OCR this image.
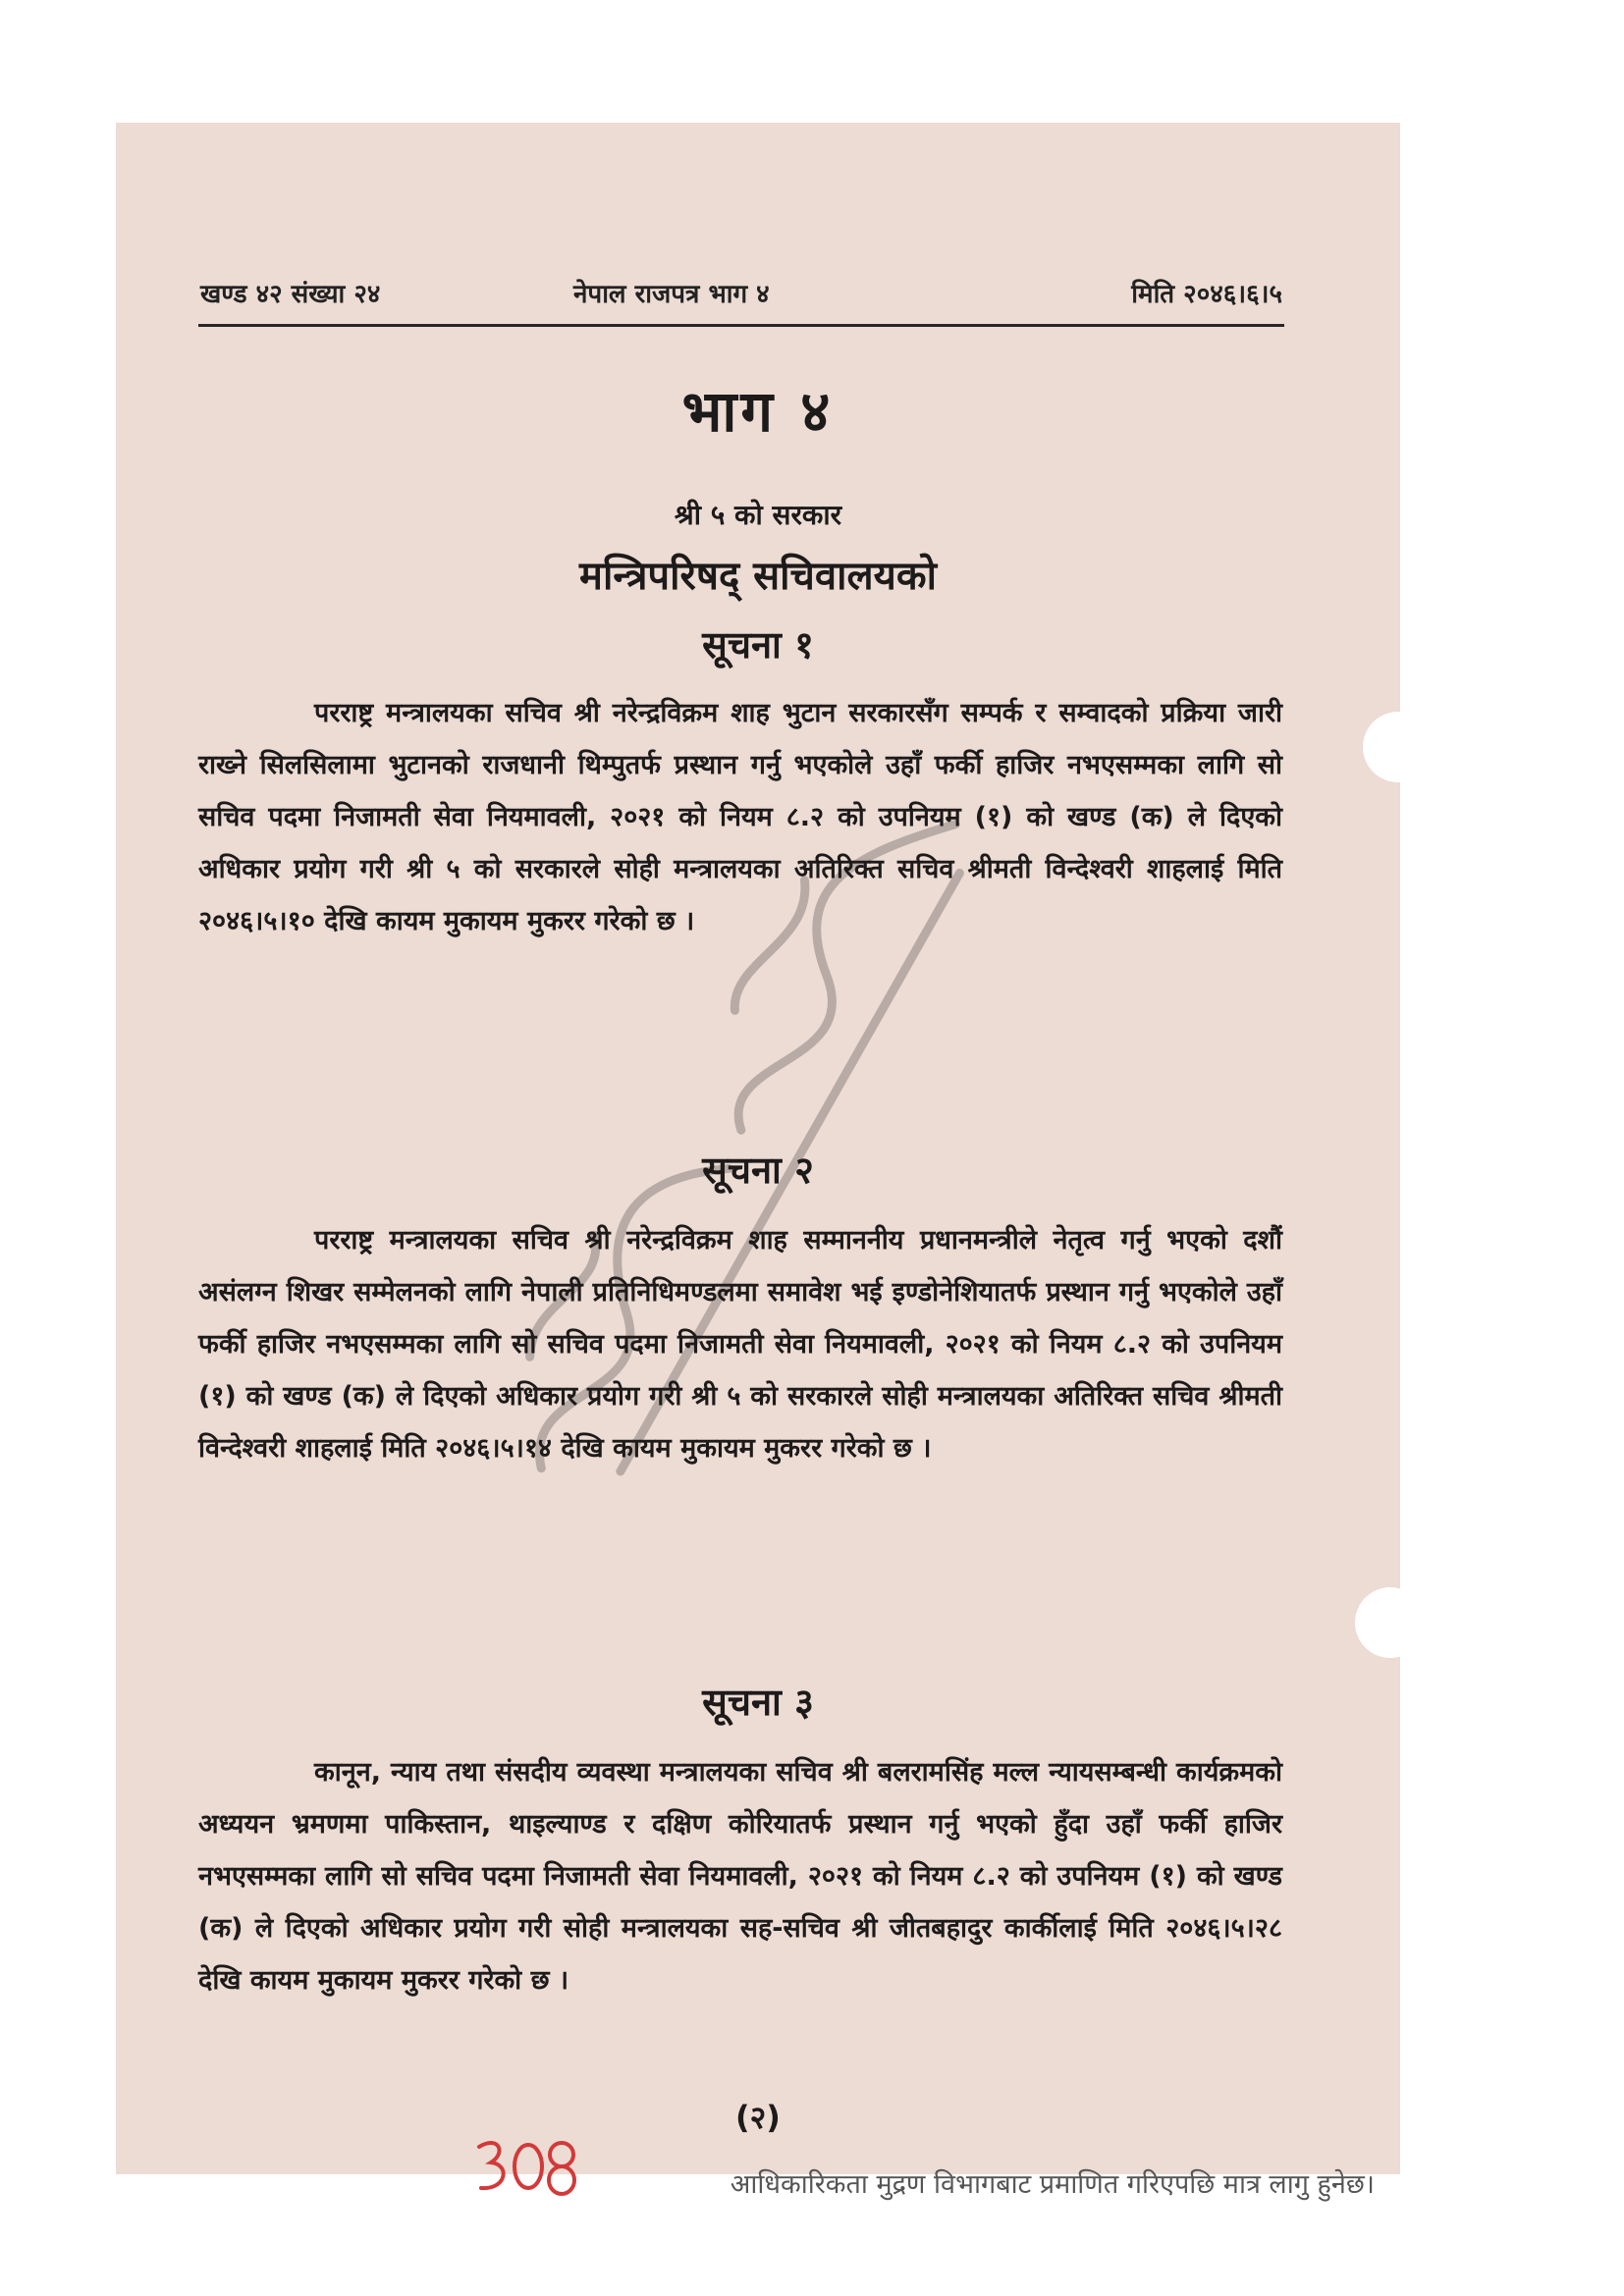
खण्ड ४२ संख्या २४	नेपाल राजपत्र भाग ४	मिति २०४६।६।५
भाग ४
श्री ५ को सरकार
मन्त्रिपरिषद् सचिवालयको
सूचना १

परराष्ट्र मन्त्रालयका सचिव श्री नरेन्द्रविक्रम शाह भुटान सरकारसँग सम्पर्क र सम्वादको प्रक्रिया जारी राख्ने सिलसिलामा भुटानको राजधानी थिम्पुतर्फ प्रस्थान गर्नु भएकोले उहाँ फर्की हाजिर नभएसम्मका लागि सो सचिव पदमा निजामती सेवा नियमावली, २०२१ को नियम ८.२ को उपनियम (१) को खण्ड (क) ले दिएको अधिकार प्रयोग गरी श्री ५ को सरकारले सोही मन्त्रालयका अतिरिक्त सचिव श्रीमती विन्देश्वरी शाहलाई मिति २०४६।५।१० देखि कायम मुकायम मुकरर गरेको छ ।

सूचना २

परराष्ट्र मन्त्रालयका सचिव श्री नरेन्द्रविक्रम शाह सम्माननीय प्रधानमन्त्रीले नेतृत्व गर्नु भएको दशौं असंलग्न शिखर सम्मेलनको लागि नेपाली प्रतिनिधिमण्डलमा समावेश भई इण्डोनेशियातर्फ प्रस्थान गर्नु भएकोले उहाँ फर्की हाजिर नभएसम्मका लागि सो सचिव पदमा निजामती सेवा नियमावली, २०२१ को नियम ८.२ को उपनियम (१) को खण्ड (क) ले दिएको अधिकार प्रयोग गरी श्री ५ को सरकारले सोही मन्त्रालयका अतिरिक्त सचिव श्रीमती विन्देश्वरी शाहलाई मिति २०४६।५।१४ देखि कायम मुकायम मुकरर गरेको छ ।

सूचना ३

कानून, न्याय तथा संसदीय व्यवस्था मन्त्रालयका सचिव श्री बलरामसिंह मल्ल न्यायसम्बन्धी कार्यक्रमको अध्ययन भ्रमणमा पाकिस्तान, थाइल्याण्ड र दक्षिण कोरियातर्फ प्रस्थान गर्नु भएको हुँदा उहाँ फर्की हाजिर नभएसम्मका लागि सो सचिव पदमा निजामती सेवा नियमावली, २०२१ को नियम ८.२ को उपनियम (१) को खण्ड (क) ले दिएको अधिकार प्रयोग गरी सोही मन्त्रालयका सह-सचिव श्री जीतबहादुर कार्कीलाई मिति २०४६।५।२८ देखि कायम मुकायम मुकरर गरेको छ ।

(२)
आधिकारिकता मुद्रण विभागबाट प्रमाणित गरिएपछि मात्र लागु हुनेछ।
